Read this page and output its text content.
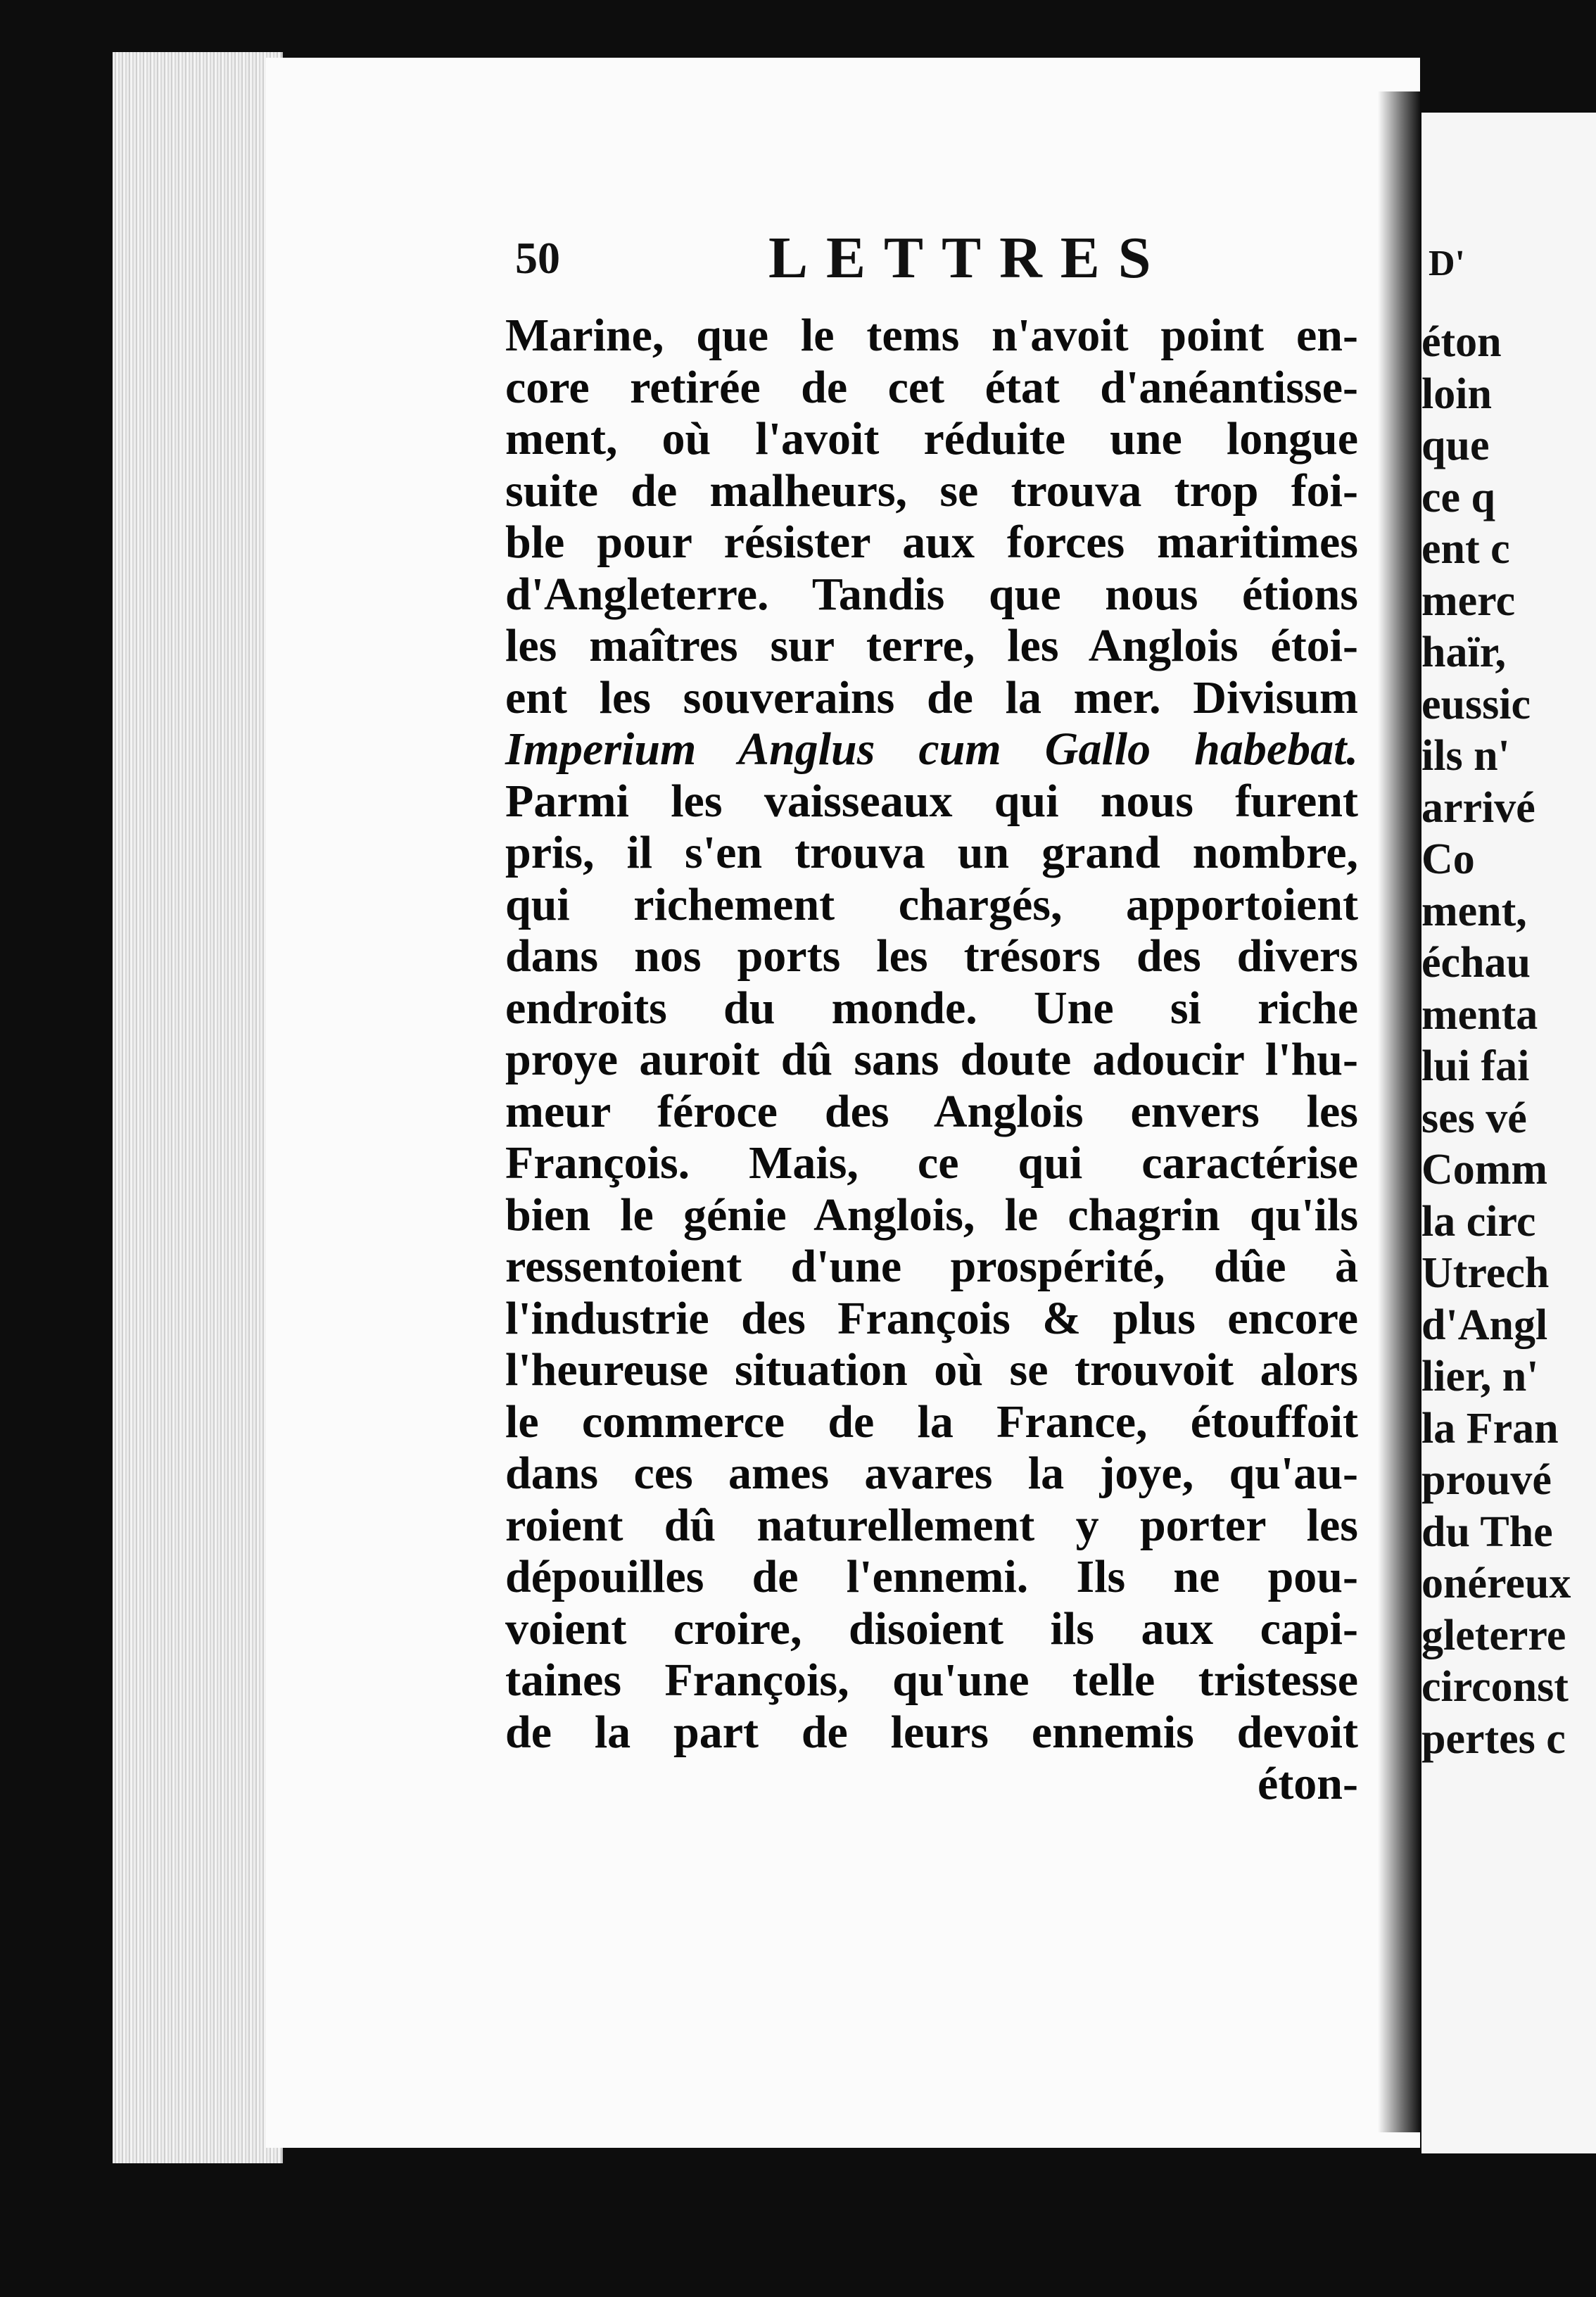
D'
éton
loin
que
ce q
ent c
merc
haïr,
eussic
ils n'
arrivé
Co
ment,
échau
menta
lui fai
ses vé
Comm
la circ
Utrech
d'Angl
lier, n'
la Fran
prouvé
du The
onéreux
gleterre
circonst
pertes c
50	LETTRES
Marine, que le tems n'avoit point en-
core retirée de cet état d'anéantisse-
ment, où l'avoit réduite une longue
suite de malheurs, se trouva trop foi-
ble pour résister aux forces maritimes
d'Angleterre. Tandis que nous étions
les maîtres sur terre, les Anglois étoi-
ent les souverains de la mer. Divisum
Imperium Anglus cum Gallo habebat.
Parmi les vaisseaux qui nous furent
pris, il s'en trouva un grand nombre,
qui richement chargés, apportoient
dans nos ports les trésors des divers
endroits du monde. Une si riche
proye auroit dû sans doute adoucir l'hu-
meur féroce des Anglois envers les
François. Mais, ce qui caractérise
bien le génie Anglois, le chagrin qu'ils
ressentoient d'une prospérité, dûe à
l'industrie des François & plus encore
l'heureuse situation où se trouvoit alors
le commerce de la France, étouffoit
dans ces ames avares la joye, qu'au-
roient dû naturellement y porter les
dépouilles de l'ennemi. Ils ne pou-
voient croire, disoient ils aux capi-
taines François, qu'une telle tristesse
de la part de leurs ennemis devoit
éton-
